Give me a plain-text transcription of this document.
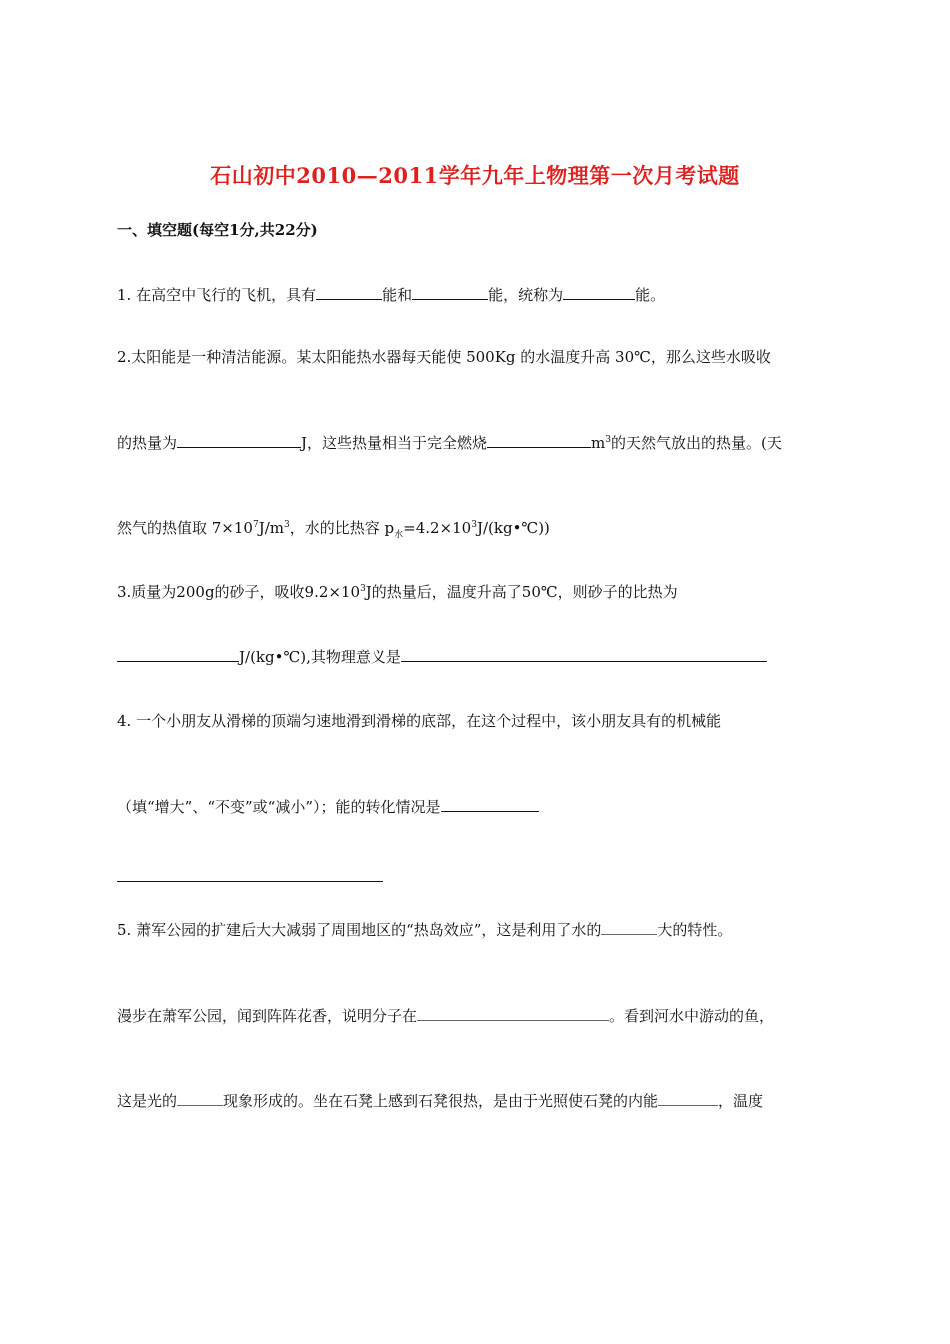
石山初中2010—2011学年九年上物理第一次月考试题
一、填空题(每空1分,共22分)
1. 在高空中飞行的飞机，具有	能和	能，统称为	能。
2.太阳能是一种清洁能源。某太阳能热水器每天能使 500Kg 的水温度升高 30℃，那么这些水吸收
的热量为	J，这些热量相当于完全燃烧	$m^3$的天然气放出的热量。(天
然气的热值取 $7\times 10^7J/m^3$，水的比热容 $p_水=4.2\times 10^3J/(kg•℃)$)
3.质量为200g的砂子，吸收$9.2\times 10^3J$的热量后，温度升高了50℃，则砂子的比热为
J/(kg•℃),其物理意义是
4. 一个小朋友从滑梯的顶端匀速地滑到滑梯的底部，在这个过程中，该小朋友具有的机械能
（填“增大”、“不变”或“减小”）；能的转化情况是
5. 萧军公园的扩建后大大减弱了周围地区的“热岛效应”，这是利用了水的	大的特性。
漫步在萧军公园，闻到阵阵花香，说明分子在	。看到河水中游动的鱼，
这是光的	现象形成的。坐在石凳上感到石凳很热，是由于光照使石凳的内能	，温度
